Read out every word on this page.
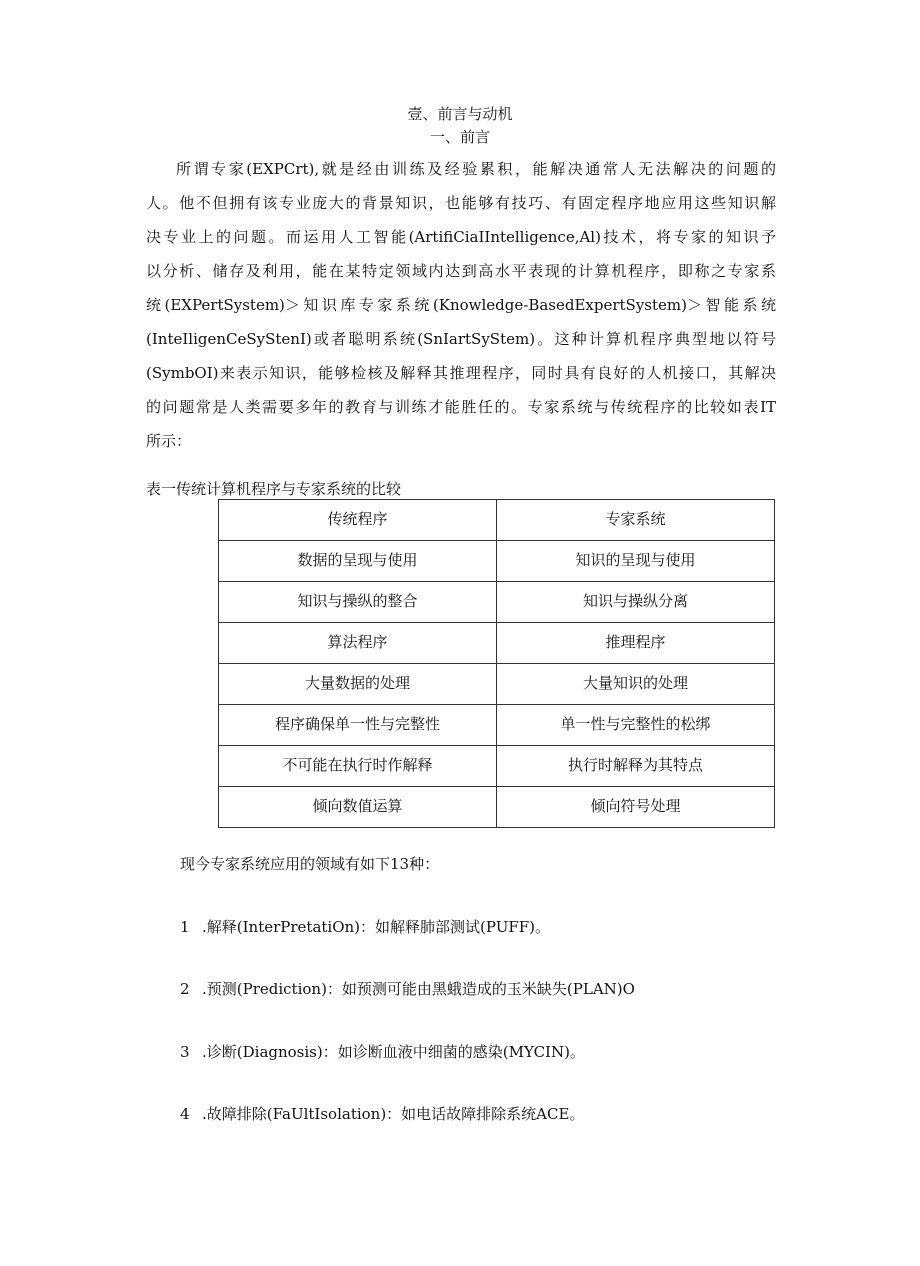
壹、前言与动机
一、前言
所谓专家(EXPCrt),就是经由训练及经验累积，能解决通常人无法解决的问题的
人。他不但拥有该专业庞大的背景知识，也能够有技巧、有固定程序地应用这些知识解
决专业上的问题。而运用人工智能(ArtifiCiaIIntelligence,Al)技术，将专家的知识予
以分析、储存及利用，能在某特定领域内达到高水平表现的计算机程序，即称之专家系
统(EXPertSystem)＞知识库专家系统(Knowledge-BasedExpertSystem)＞智能系统
(InteIligenCeSyStenI)或者聪明系统(SnIartSyStem)。这种计算机程序典型地以符号
(SymbOI)来表示知识，能够检核及解释其推理程序，同时具有良好的人机接口，其解决
的问题常是人类需要多年的教育与训练才能胜任的。专家系统与传统程序的比较如表IT
所示：
表一传统计算机程序与专家系统的比较
传统程序	专家系统
数据的呈现与使用	知识的呈现与使用
知识与操纵的整合	知识与操纵分离
算法程序	推理程序
大量数据的处理	大量知识的处理
程序确保单一性与完整性	单一性与完整性的松绑
不可能在执行时作解释	执行时解释为其特点
倾向数值运算	倾向符号处理
现今专家系统应用的领域有如下13种：
1 .解释(InterPretatiOn)：如解释肺部测试(PUFF)。
2 .预测(Prediction)：如预测可能由黑蛾造成的玉米缺失(PLAN)O
3 .诊断(Diagnosis)：如诊断血液中细菌的感染(MYCIN)。
4 .故障排除(FaUltIsolation)：如电话故障排除系统ACE。
